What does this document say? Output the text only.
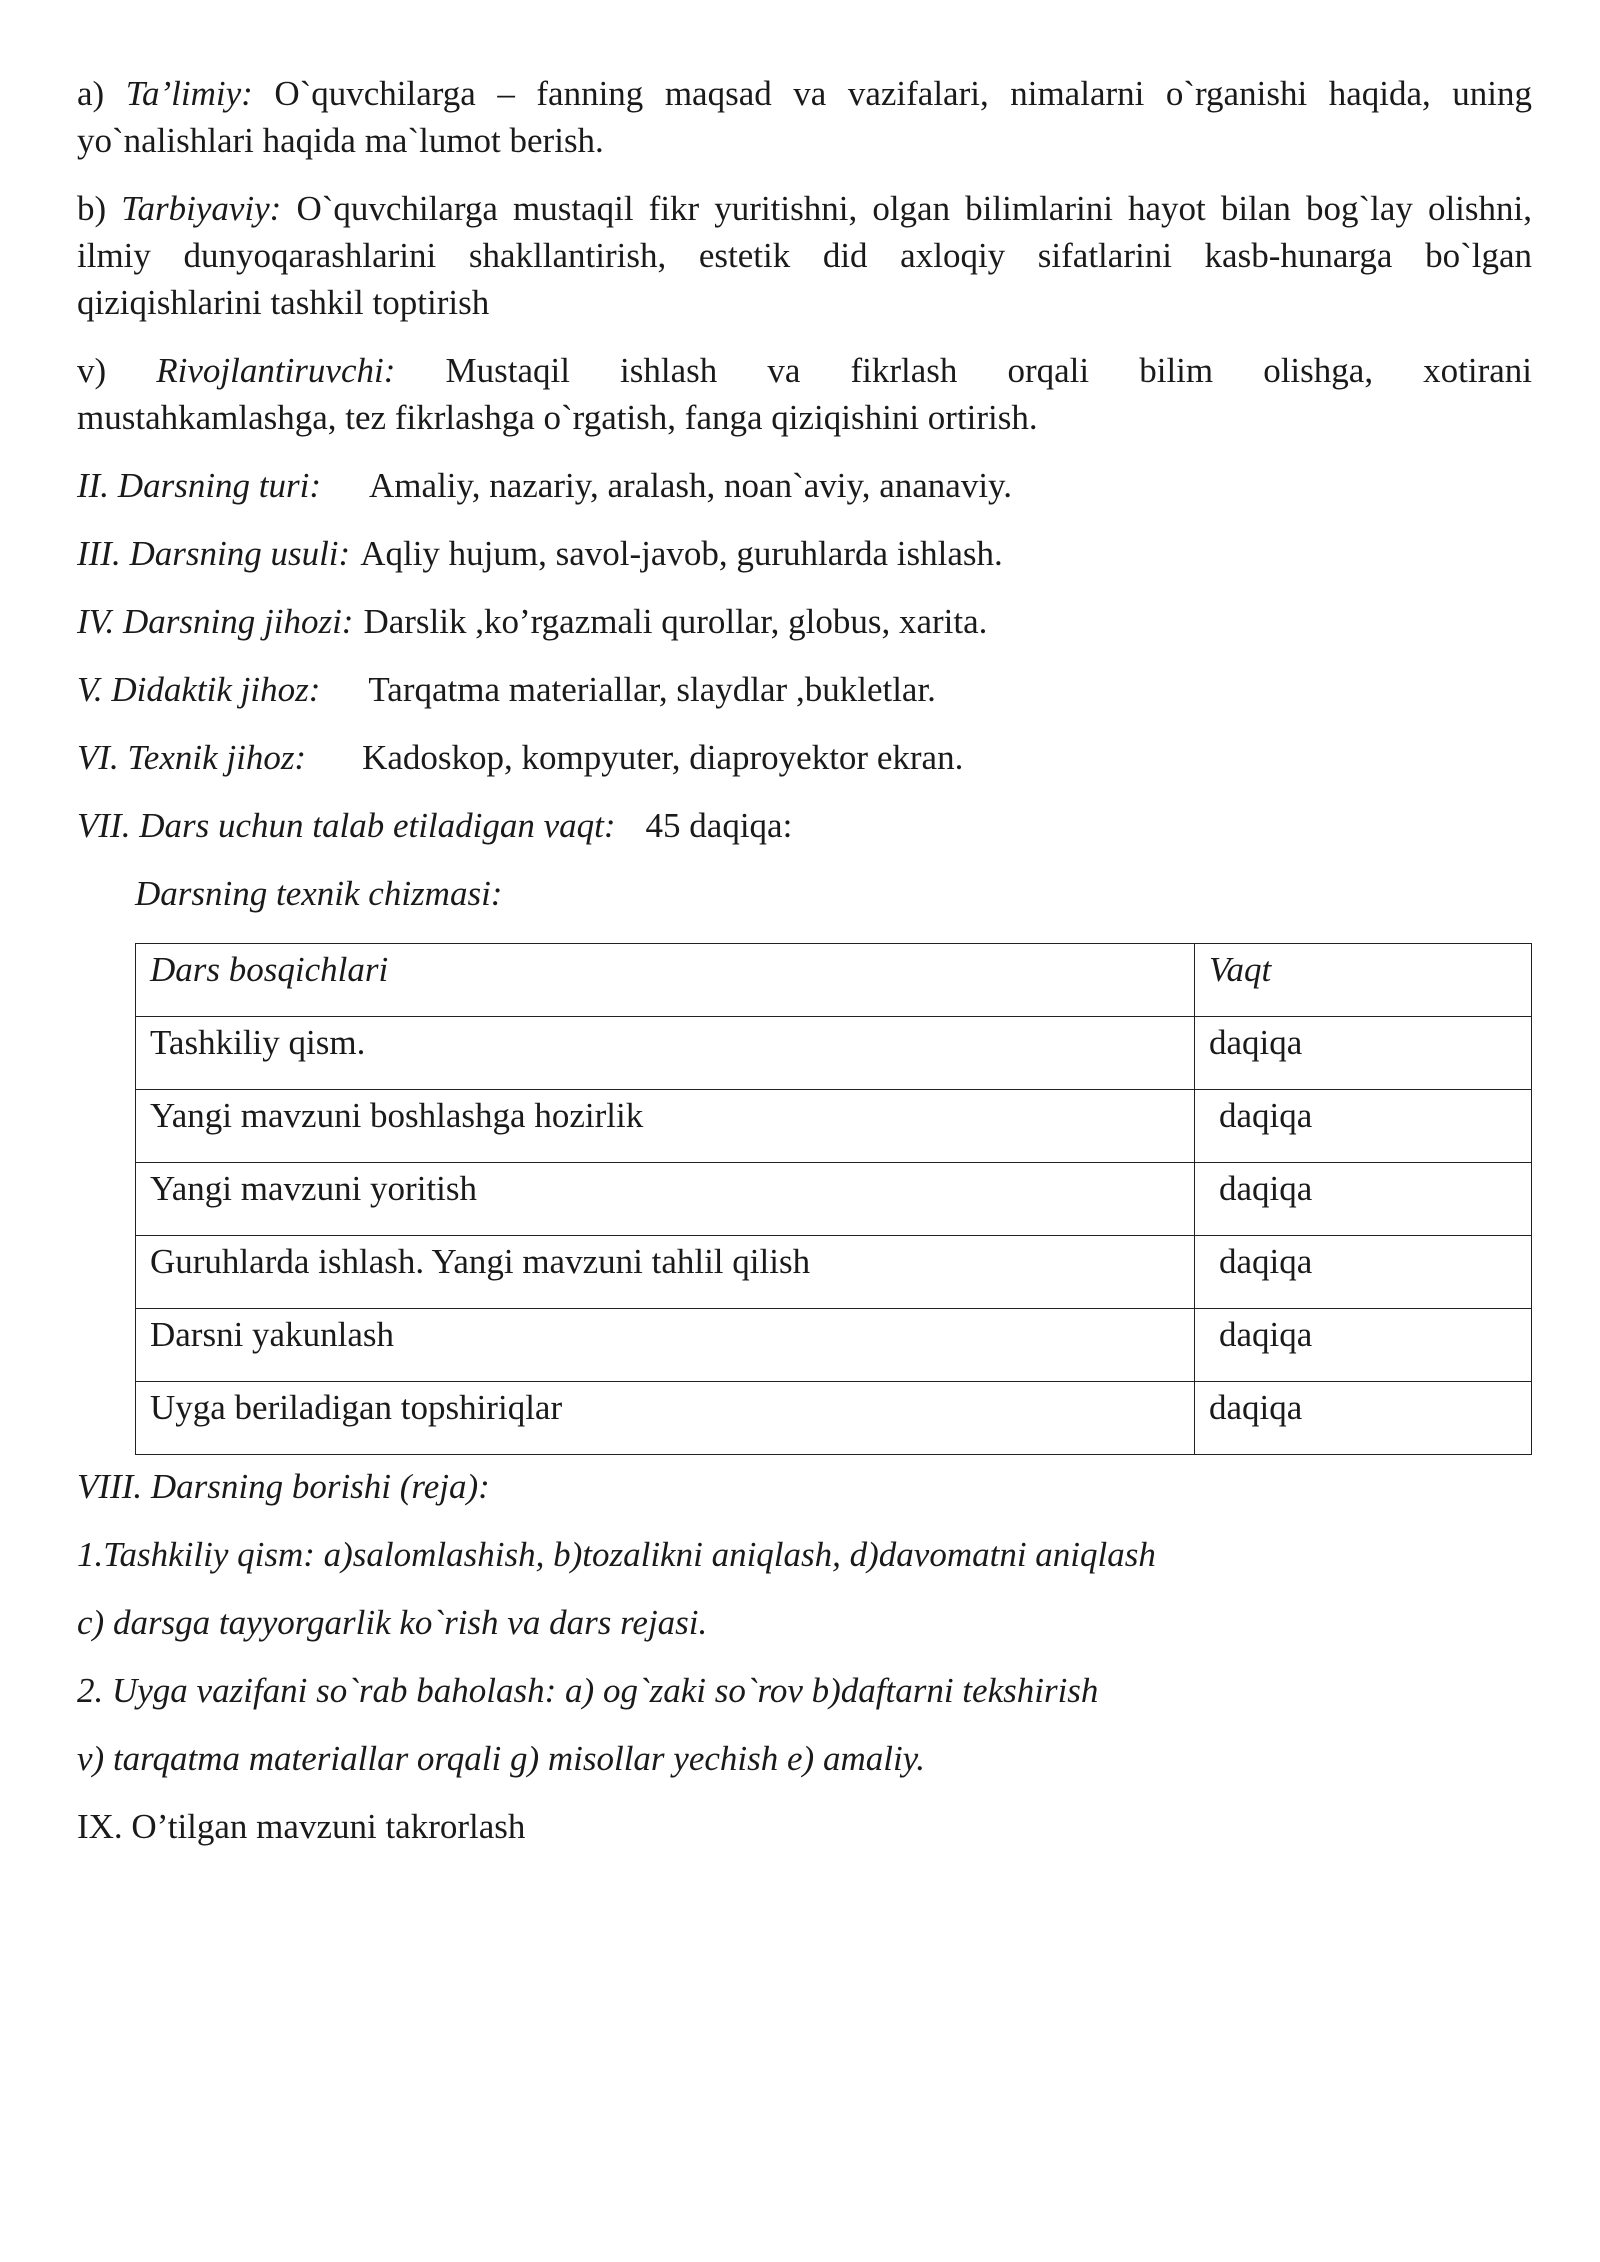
a) Ta’limiy: O`quvchilarga – fanning maqsad va vazifalari, nimalarni o`rganishi haqida, uning yo`nalishlari haqida ma`lumot berish.

b) Tarbiyaviy: O`quvchilarga mustaqil fikr yuritishni, olgan bilimlarini hayot bilan bog`lay olishni, ilmiy dunyoqarashlarini shakllantirish, estetik did axloqiy sifatlarini kasb-hunarga bo`lgan qiziqishlarini tashkil toptirish

v) Rivojlantiruvchi: Mustaqil ishlash va fikrlash orqali bilim olishga, xotirani
mustahkamlashga, tez fikrlashga o`rgatish, fanga qiziqishini ortirish.
II. Darsning turi: Amaliy, nazariy, aralash, noan`aviy, ananaviy.
III. Darsning usuli: Aqliy hujum, savol-javob, guruhlarda ishlash.
IV. Darsning jihozi: Darslik ,ko’rgazmali qurollar, globus, xarita.
V. Didaktik jihoz: Tarqatma materiallar, slaydlar ,bukletlar.
VI. Texnik jihoz: Kadoskop, kompyuter, diaproyektor ekran.
VII. Dars uchun talab etiladigan vaqt: 45 daqiqa:
Darsning texnik chizmasi:
Dars bosqichlari	Vaqt
Tashkiliy qism.	daqiqa
Yangi mavzuni boshlashga hozirlik	daqiqa
Yangi mavzuni yoritish	daqiqa
Guruhlarda ishlash. Yangi mavzuni tahlil qilish	daqiqa
Darsni yakunlash	daqiqa
Uyga beriladigan topshiriqlar	daqiqa
VIII. Darsning borishi (reja):
1.Tashkiliy qism: a)salomlashish, b)tozalikni aniqlash, d)davomatni aniqlash
c) darsga tayyorgarlik ko`rish va dars rejasi.
2. Uyga vazifani so`rab baholash: a) og`zaki so`rov b)daftarni tekshirish
v) tarqatma materiallar orqali g) misollar yechish e) amaliy.
IX. O’tilgan mavzuni takrorlash
